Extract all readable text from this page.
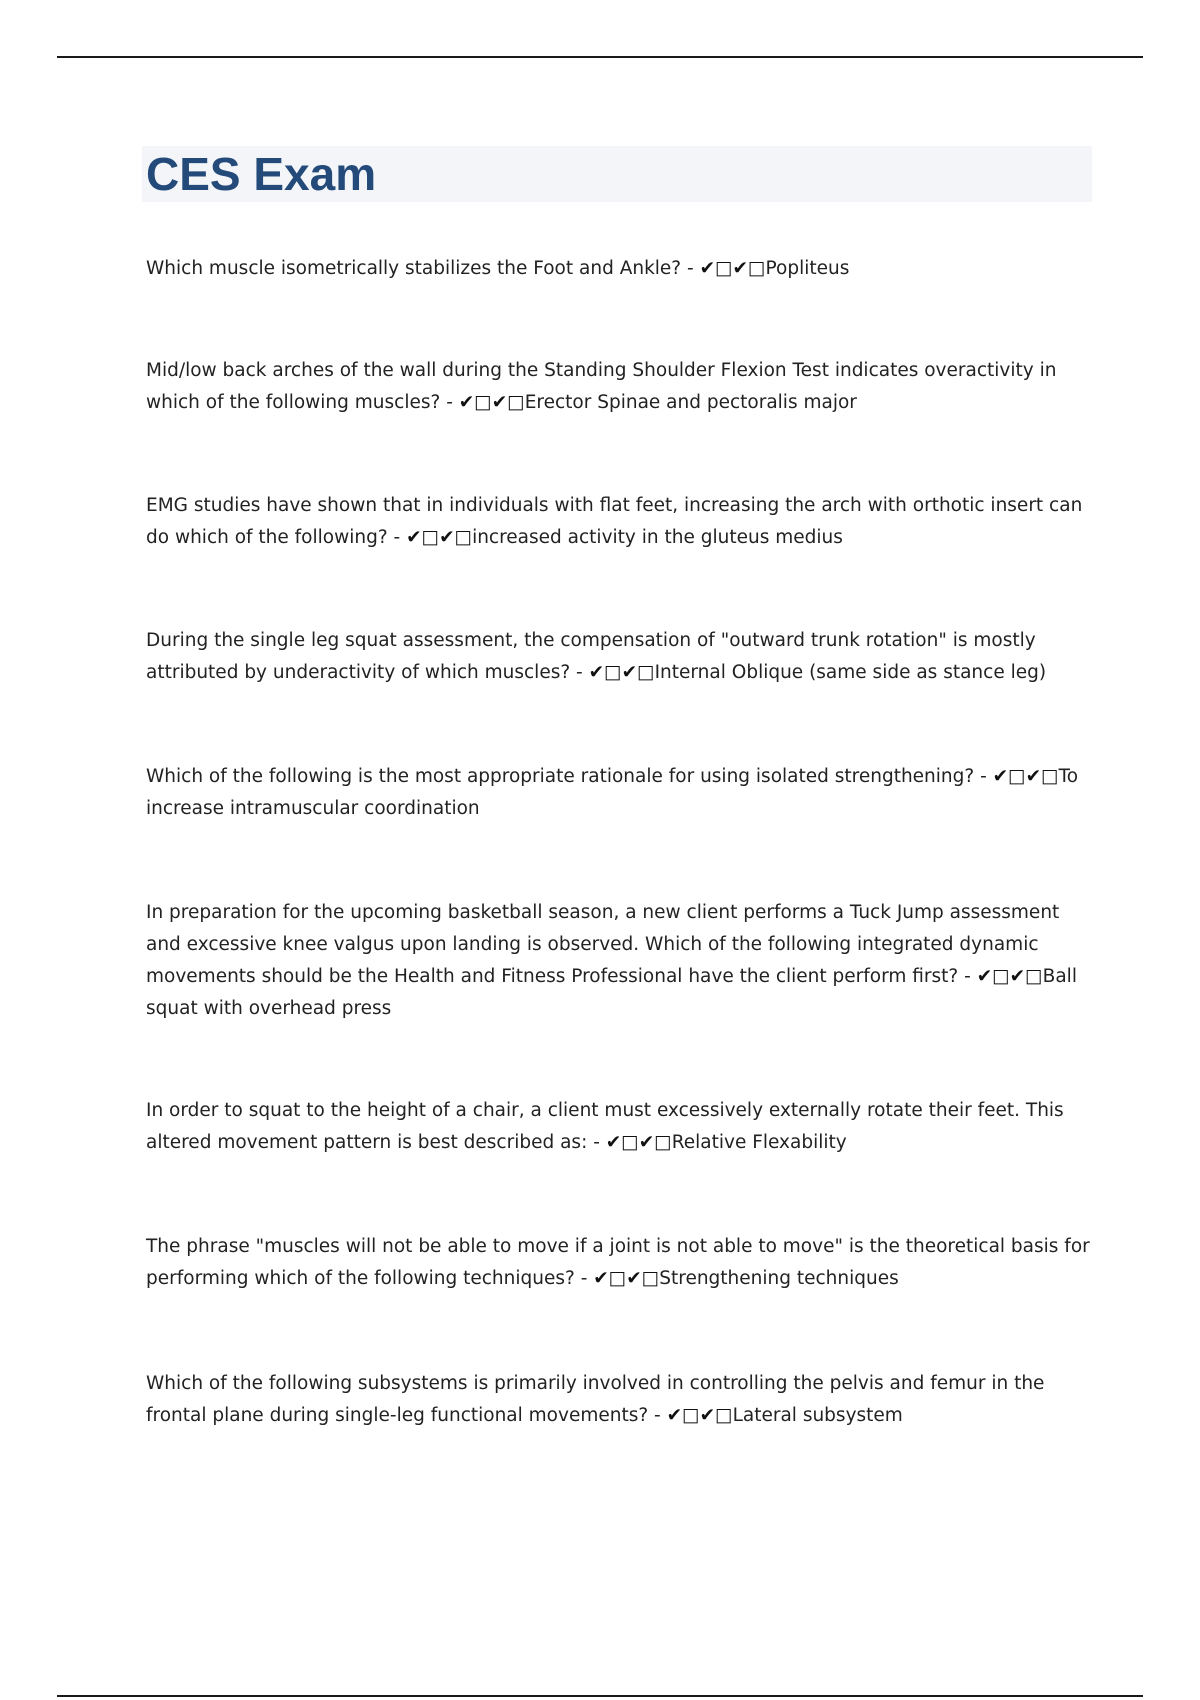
CES Exam

Which muscle isometrically stabilizes the Foot and Ankle? - ✔□✔□Popliteus

Mid/low back arches of the wall during the Standing Shoulder Flexion Test indicates overactivity in which of the following muscles? - ✔□✔□Erector Spinae and pectoralis major

EMG studies have shown that in individuals with flat feet, increasing the arch with orthotic insert can do which of the following? - ✔□✔□increased activity in the gluteus medius

During the single leg squat assessment, the compensation of "outward trunk rotation" is mostly attributed by underactivity of which muscles? - ✔□✔□Internal Oblique (same side as stance leg)

Which of the following is the most appropriate rationale for using isolated strengthening? - ✔□✔□To increase intramuscular coordination

In preparation for the upcoming basketball season, a new client performs a Tuck Jump assessment and excessive knee valgus upon landing is observed. Which of the following integrated dynamic movements should be the Health and Fitness Professional have the client perform first? - ✔□✔□Ball squat with overhead press

In order to squat to the height of a chair, a client must excessively externally rotate their feet. This altered movement pattern is best described as: - ✔□✔□Relative Flexability

The phrase "muscles will not be able to move if a joint is not able to move" is the theoretical basis for performing which of the following techniques? - ✔□✔□Strengthening techniques

Which of the following subsystems is primarily involved in controlling the pelvis and femur in the frontal plane during single-leg functional movements? - ✔□✔□Lateral subsystem
